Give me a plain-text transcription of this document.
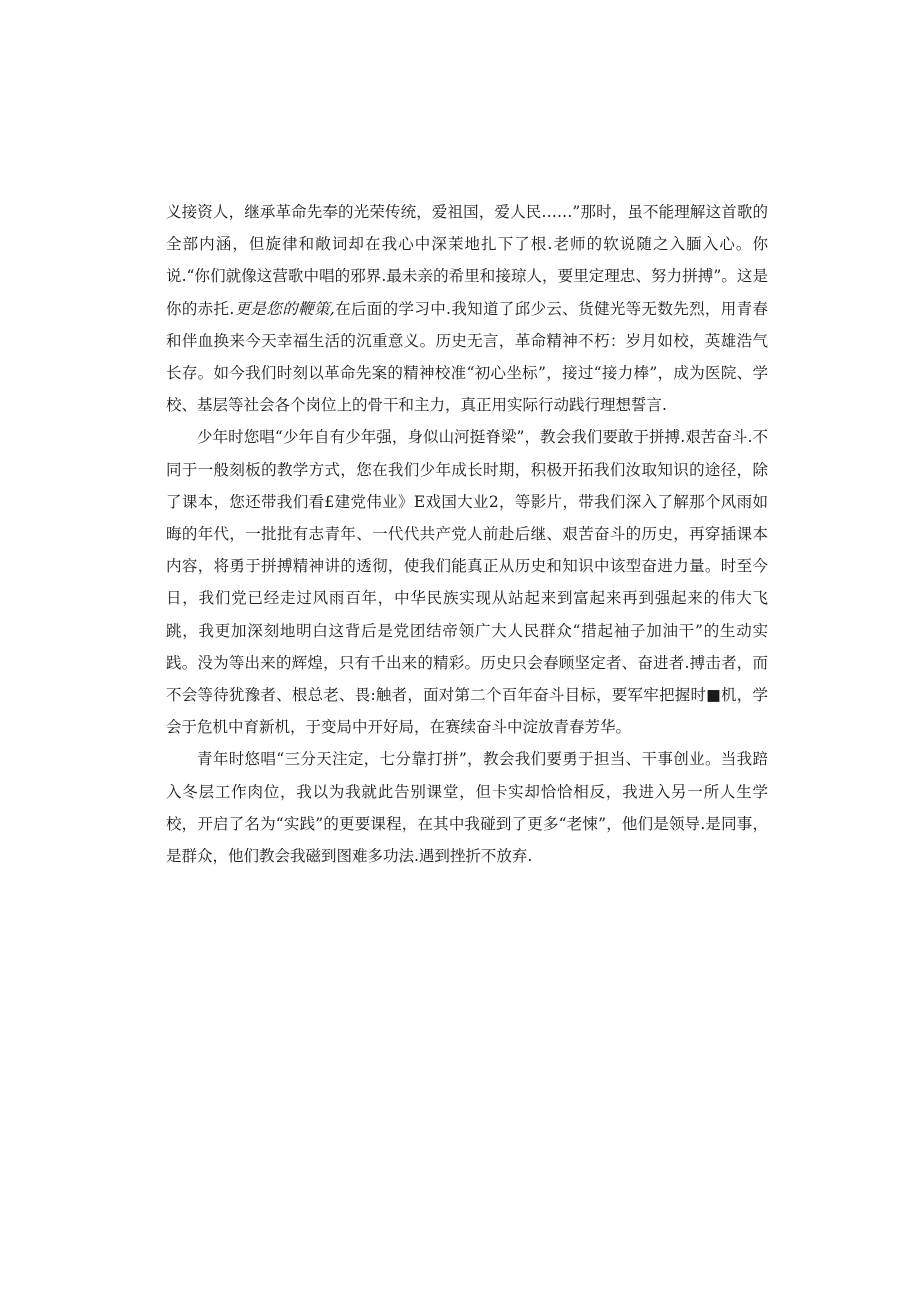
义接资人，继承革命先奉的光荣传统，爱祖国，爱人民……”那时，虽不能理解这首歌的全部内涵，但旋律和敞词却在我心中深茉地扎下了根.老师的软说随之入腼入心。你说.“你们就像这营歌中唱的邪界.最未亲的希里和接琼人，要里定理忠、努力拼搏”。这是你的赤托.更是您的鞭策,在后面的学习中.我知道了邱少云、货健光等无数先烈，用青春和伴血换来今天幸福生活的沉重意义。历史无言，革命精神不朽：岁月如校，英雄浩气长存。如今我们时刻以革命先案的精神校准“初心坐标”，接过“接力棒”，成为医院、学校、基层等社会各个岗位上的骨干和主力，真正用实际行动践行理想誓言.

少年时您唱“少年自有少年强，身似山河挺脊梁”，教会我们要敢于拼搏.艰苦奋斗.不同于一般刻板的教学方式，您在我们少年成长时期，积极开拓我们汝取知识的途径，除了课本，您还带我们看£建党伟业》E戏国大业2，等影片，带我们深入了解那个风雨如晦的年代，一批批有志青年、一代代共产党人前赴后继、艰苦奋斗的历史，再穿插课本内容，将勇于拼搏精神讲的透彻，使我们能真正从历史和知识中该型奋进力量。时至今日，我们党已经走过风雨百年，中华民族实现从站起来到富起来再到强起来的伟大飞跳，我更加深刻地明白这背后是党团结帝领广大人民群众“措起袖子加油干”的生动实践。没为等出来的辉煌，只有千出来的精彩。历史只会春顾坚定者、奋进者.搏击者，而不会等待犹豫者、根总老、畏:触者，面对第二个百年奋斗目标，要军牢把握时■机，学会于危机中育新机，于变局中开好局，在赛续奋斗中淀放青春芳华。

青年时悠唱“三分天注定，七分靠打拼”，教会我们要勇于担当、干事创业。当我踣入冬层工作肉位，我以为我就此告别课堂，但卡实却恰恰相反，我进入另一所人生学校，开启了名为“实践”的更要课程，在其中我碰到了更多“老悚”，他们是领导.是同事，是群众，他们教会我磁到图难多功法.遇到挫折不放弃.
